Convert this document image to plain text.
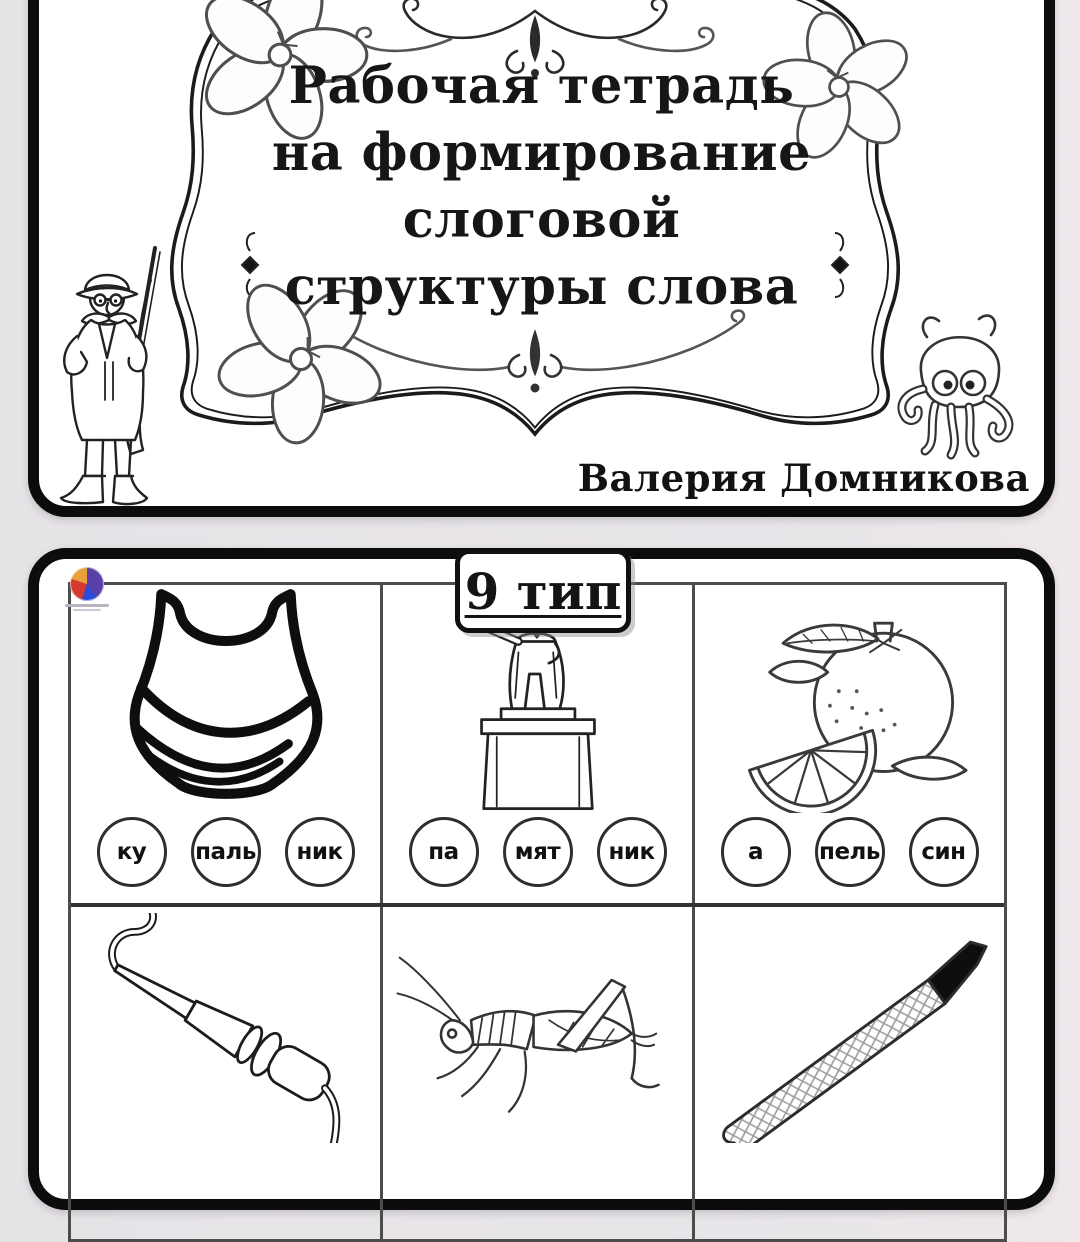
Рабочая тетрадь
на формирование
слоговой
структуры слова
Валерия Домникова
9 тип
ку	паль	ник	па	мят	ник	а	пель	син
